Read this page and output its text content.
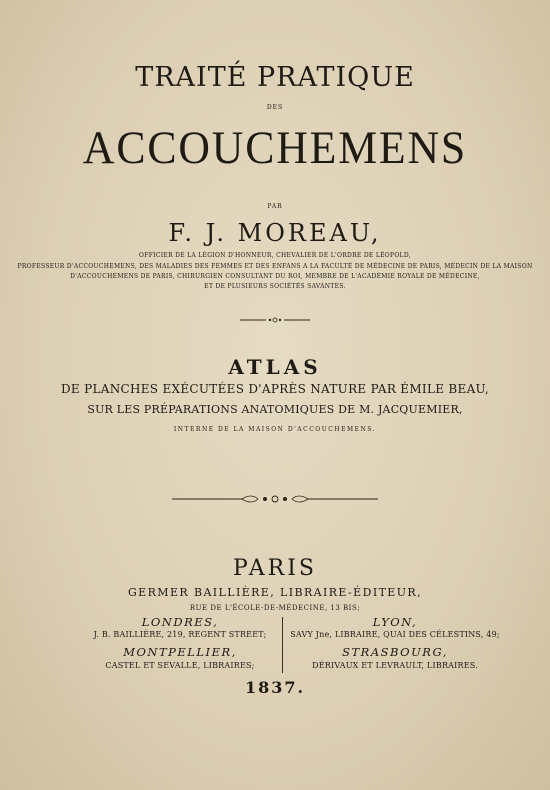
TRAITÉ PRATIQUE
DES
ACCOUCHEMENS
PAR
F. J. MOREAU,
OFFICIER DE LA LÉGION D'HONNEUR, CHEVALIER DE L'ORDRE DE LÉOPOLD,
PROFESSEUR D'ACCOUCHEMENS, DES MALADIES DES FEMMES ET DES ENFANS A LA FACULTÉ DE MÉDECINE DE PARIS, MÉDECIN DE LA MAISON
D'ACCOUCHEMENS DE PARIS, CHIRURGIEN CONSULTANT DU ROI, MEMBRE DE L'ACADÉMIE ROYALE DE MÉDECINE,
ET DE PLUSIEURS SOCIÉTÉS SAVANTES.
ATLAS
DE PLANCHES EXÉCUTÉES D'APRÈS NATURE PAR ÉMILE BEAU,
SUR LES PRÉPARATIONS ANATOMIQUES DE M. JACQUEMIER,
INTERNE DE LA MAISON D'ACCOUCHEMENS.
PARIS
GERMER BAILLIÈRE, LIBRAIRE-ÉDITEUR,
RUE DE L'ÉCOLE-DE-MÉDECINE, 13 BIS;
LONDRES,
J. B. BAILLIÈRE, 219, REGENT STREET;
MONTPELLIER,
CASTEL ET SEVALLE, LIBRAIRES;
LYON,
SAVY Jne, LIBRAIRE, QUAI DES CÉLESTINS, 49;
STRASBOURG,
DÉRIVAUX ET LEVRAULT, LIBRAIRES.
1837.
